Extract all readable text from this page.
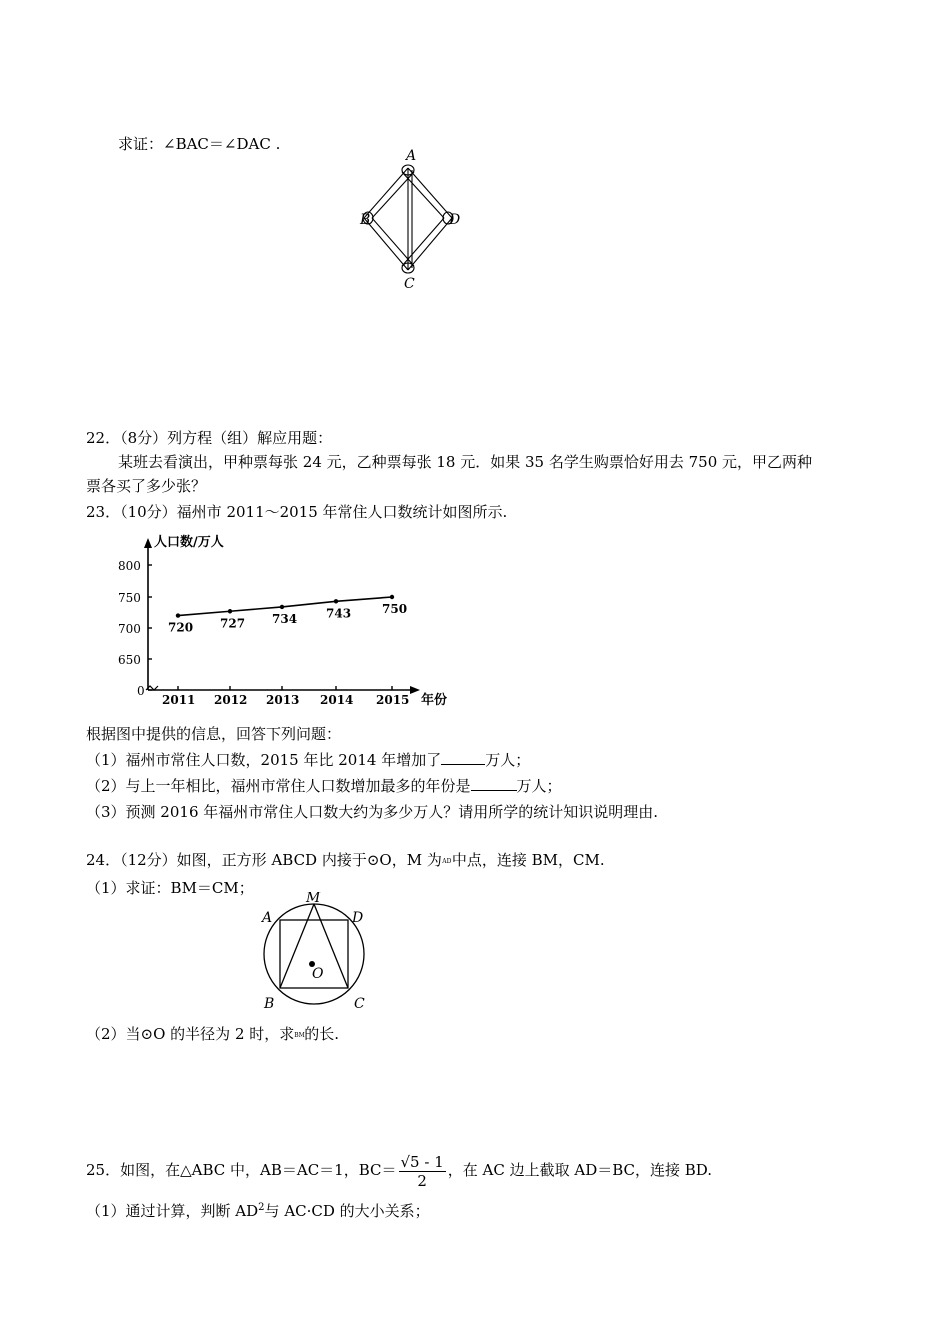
求证：∠BAC＝∠DAC .
A
B	D
C
22．（8分）列方程（组）解应用题：
某班去看演出，甲种票每张 24 元，乙种票每张 18 元．如果 35 名学生购票恰好用去 750 元，甲乙两种
票各买了多少张？
23．（10分）福州市 2011～2015 年常住人口数统计如图所示.
人口数/万人
年份
800
750
700
650
0
2011 2012 2013 2014 2015
720 727 734 743	750
根据图中提供的信息，回答下列问题：
（1）福州市常住人口数，2015 年比 2014 年增加了	万人；
（2）与上一年相比，福州市常住人口数增加最多的年份是	万人；
（3）预测 2016 年福州市常住人口数大约为多少万人？请用所学的统计知识说明理由.
24．（12分）如图，正方形 ABCD 内接于⊙O，M 为AD中点，连接 BM，CM.
（1）求证：BM＝CM；
M
A	D
O
B	C
（2）当⊙O 的半径为 2 时，求BM的长.
25．如图，在△ABC 中，AB＝AC＝1，$BC= \frac{√5 - 1}{2}$ ，在 AC 边上截取 AD＝BC，连接 BD.
（1）通过计算，判断 $AD^2$与 AC·CD 的大小关系；
